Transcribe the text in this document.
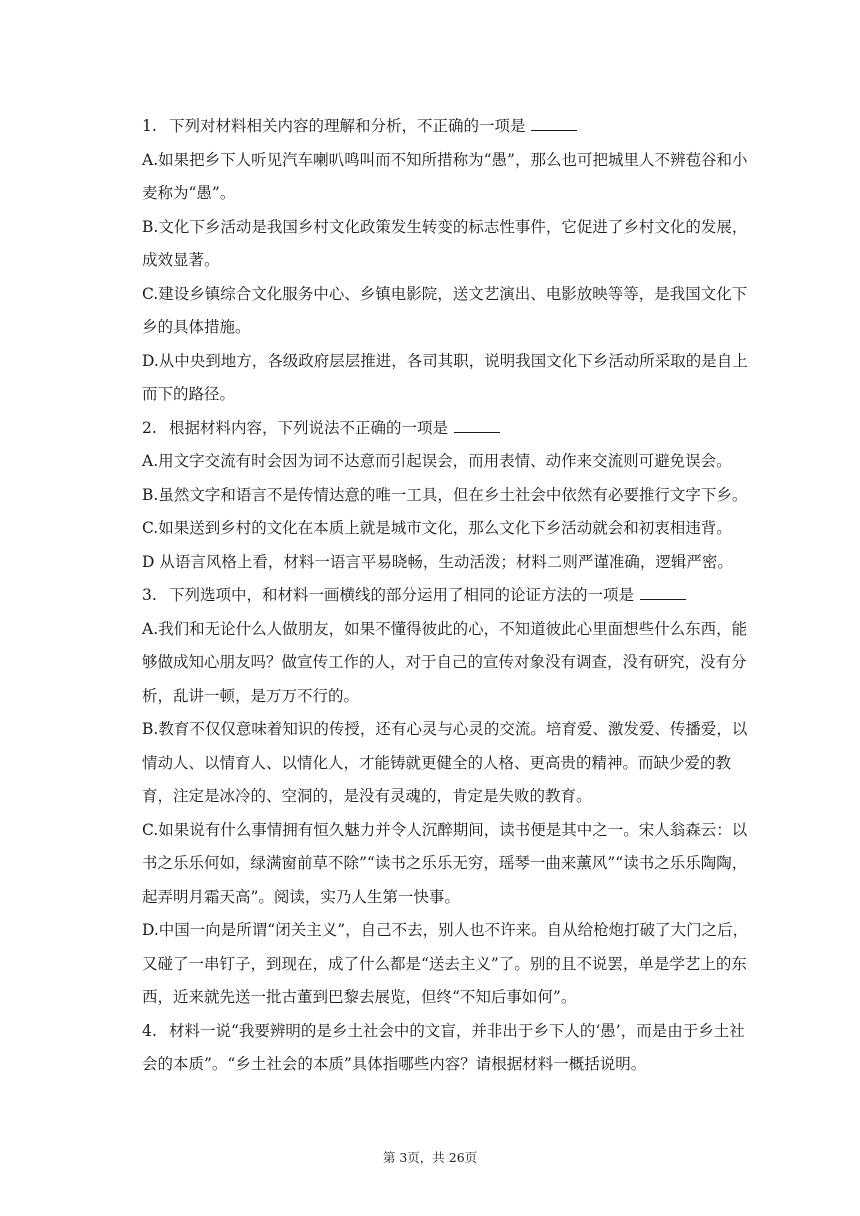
1. 下列对材料相关内容的理解和分析，不正确的一项是

A.如果把乡下人听见汽车喇叭鸣叫而不知所措称为“愚”，那么也可把城里人不辨苞谷和小麦称为“愚”。

B.文化下乡活动是我国乡村文化政策发生转变的标志性事件，它促进了乡村文化的发展，成效显著。

C.建设乡镇综合文化服务中心、乡镇电影院，送文艺演出、电影放映等等，是我国文化下乡的具体措施。

D.从中央到地方，各级政府层层推进，各司其职，说明我国文化下乡活动所采取的是自上而下的路径。

2. 根据材料内容，下列说法不正确的一项是

A.用文字交流有时会因为词不达意而引起误会，而用表情、动作来交流则可避免误会。

B.虽然文字和语言不是传情达意的唯一工具，但在乡土社会中依然有必要推行文字下乡。

C.如果送到乡村的文化在本质上就是城市文化，那么文化下乡活动就会和初衷相违背。

D 从语言风格上看，材料一语言平易晓畅，生动活泼；材料二则严谨准确，逻辑严密。

3. 下列选项中，和材料一画横线的部分运用了相同的论证方法的一项是

A.我们和无论什么人做朋友，如果不懂得彼此的心，不知道彼此心里面想些什么东西，能够做成知心朋友吗？做宣传工作的人，对于自己的宣传对象没有调查，没有研究，没有分析，乱讲一顿，是万万不行的。

B.教育不仅仅意味着知识的传授，还有心灵与心灵的交流。培育爱、激发爱、传播爱，以情动人、以情育人、以情化人，才能铸就更健全的人格、更高贵的精神。而缺少爱的教育，注定是冰冷的、空洞的，是没有灵魂的，肯定是失败的教育。

C.如果说有什么事情拥有恒久魅力并令人沉醉期间，读书便是其中之一。宋人翁森云：以书之乐乐何如，绿满窗前草不除”“读书之乐乐无穷，瑶琴一曲来薰风”“读书之乐乐陶陶，起弄明月霜天高”。阅读，实乃人生第一快事。

D.中国一向是所谓“闭关主义”，自己不去，别人也不许来。自从给枪炮打破了大门之后，又碰了一串钉子，到现在，成了什么都是“送去主义”了。别的且不说罢，单是学艺上的东西，近来就先送一批古董到巴黎去展览，但终“不知后事如何”。

4. 材料一说“我要辨明的是乡土社会中的文盲，并非出于乡下人的‘愚’，而是由于乡土社会的本质”。“乡土社会的本质”具体指哪些内容？请根据材料一概括说明。

第 3页，共 26页
